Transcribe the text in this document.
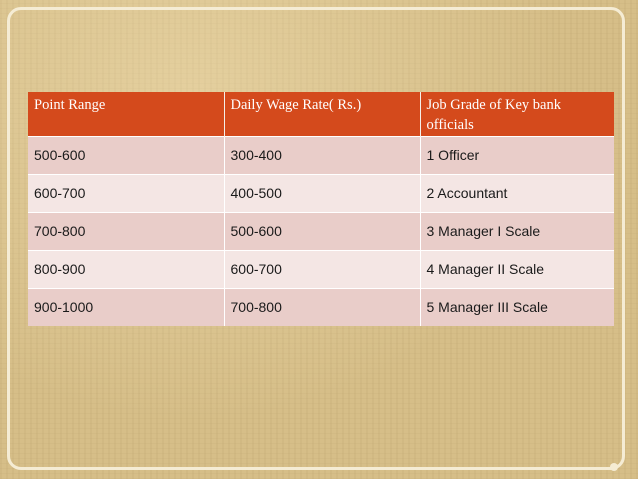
Point Range	Daily Wage Rate( Rs.)	Job Grade of Key bank officials
500-600	300-400	1 Officer
600-700	400-500	2 Accountant
700-800	500-600	3 Manager I Scale
800-900	600-700	4 Manager II Scale
900-1000	700-800	5 Manager III Scale
